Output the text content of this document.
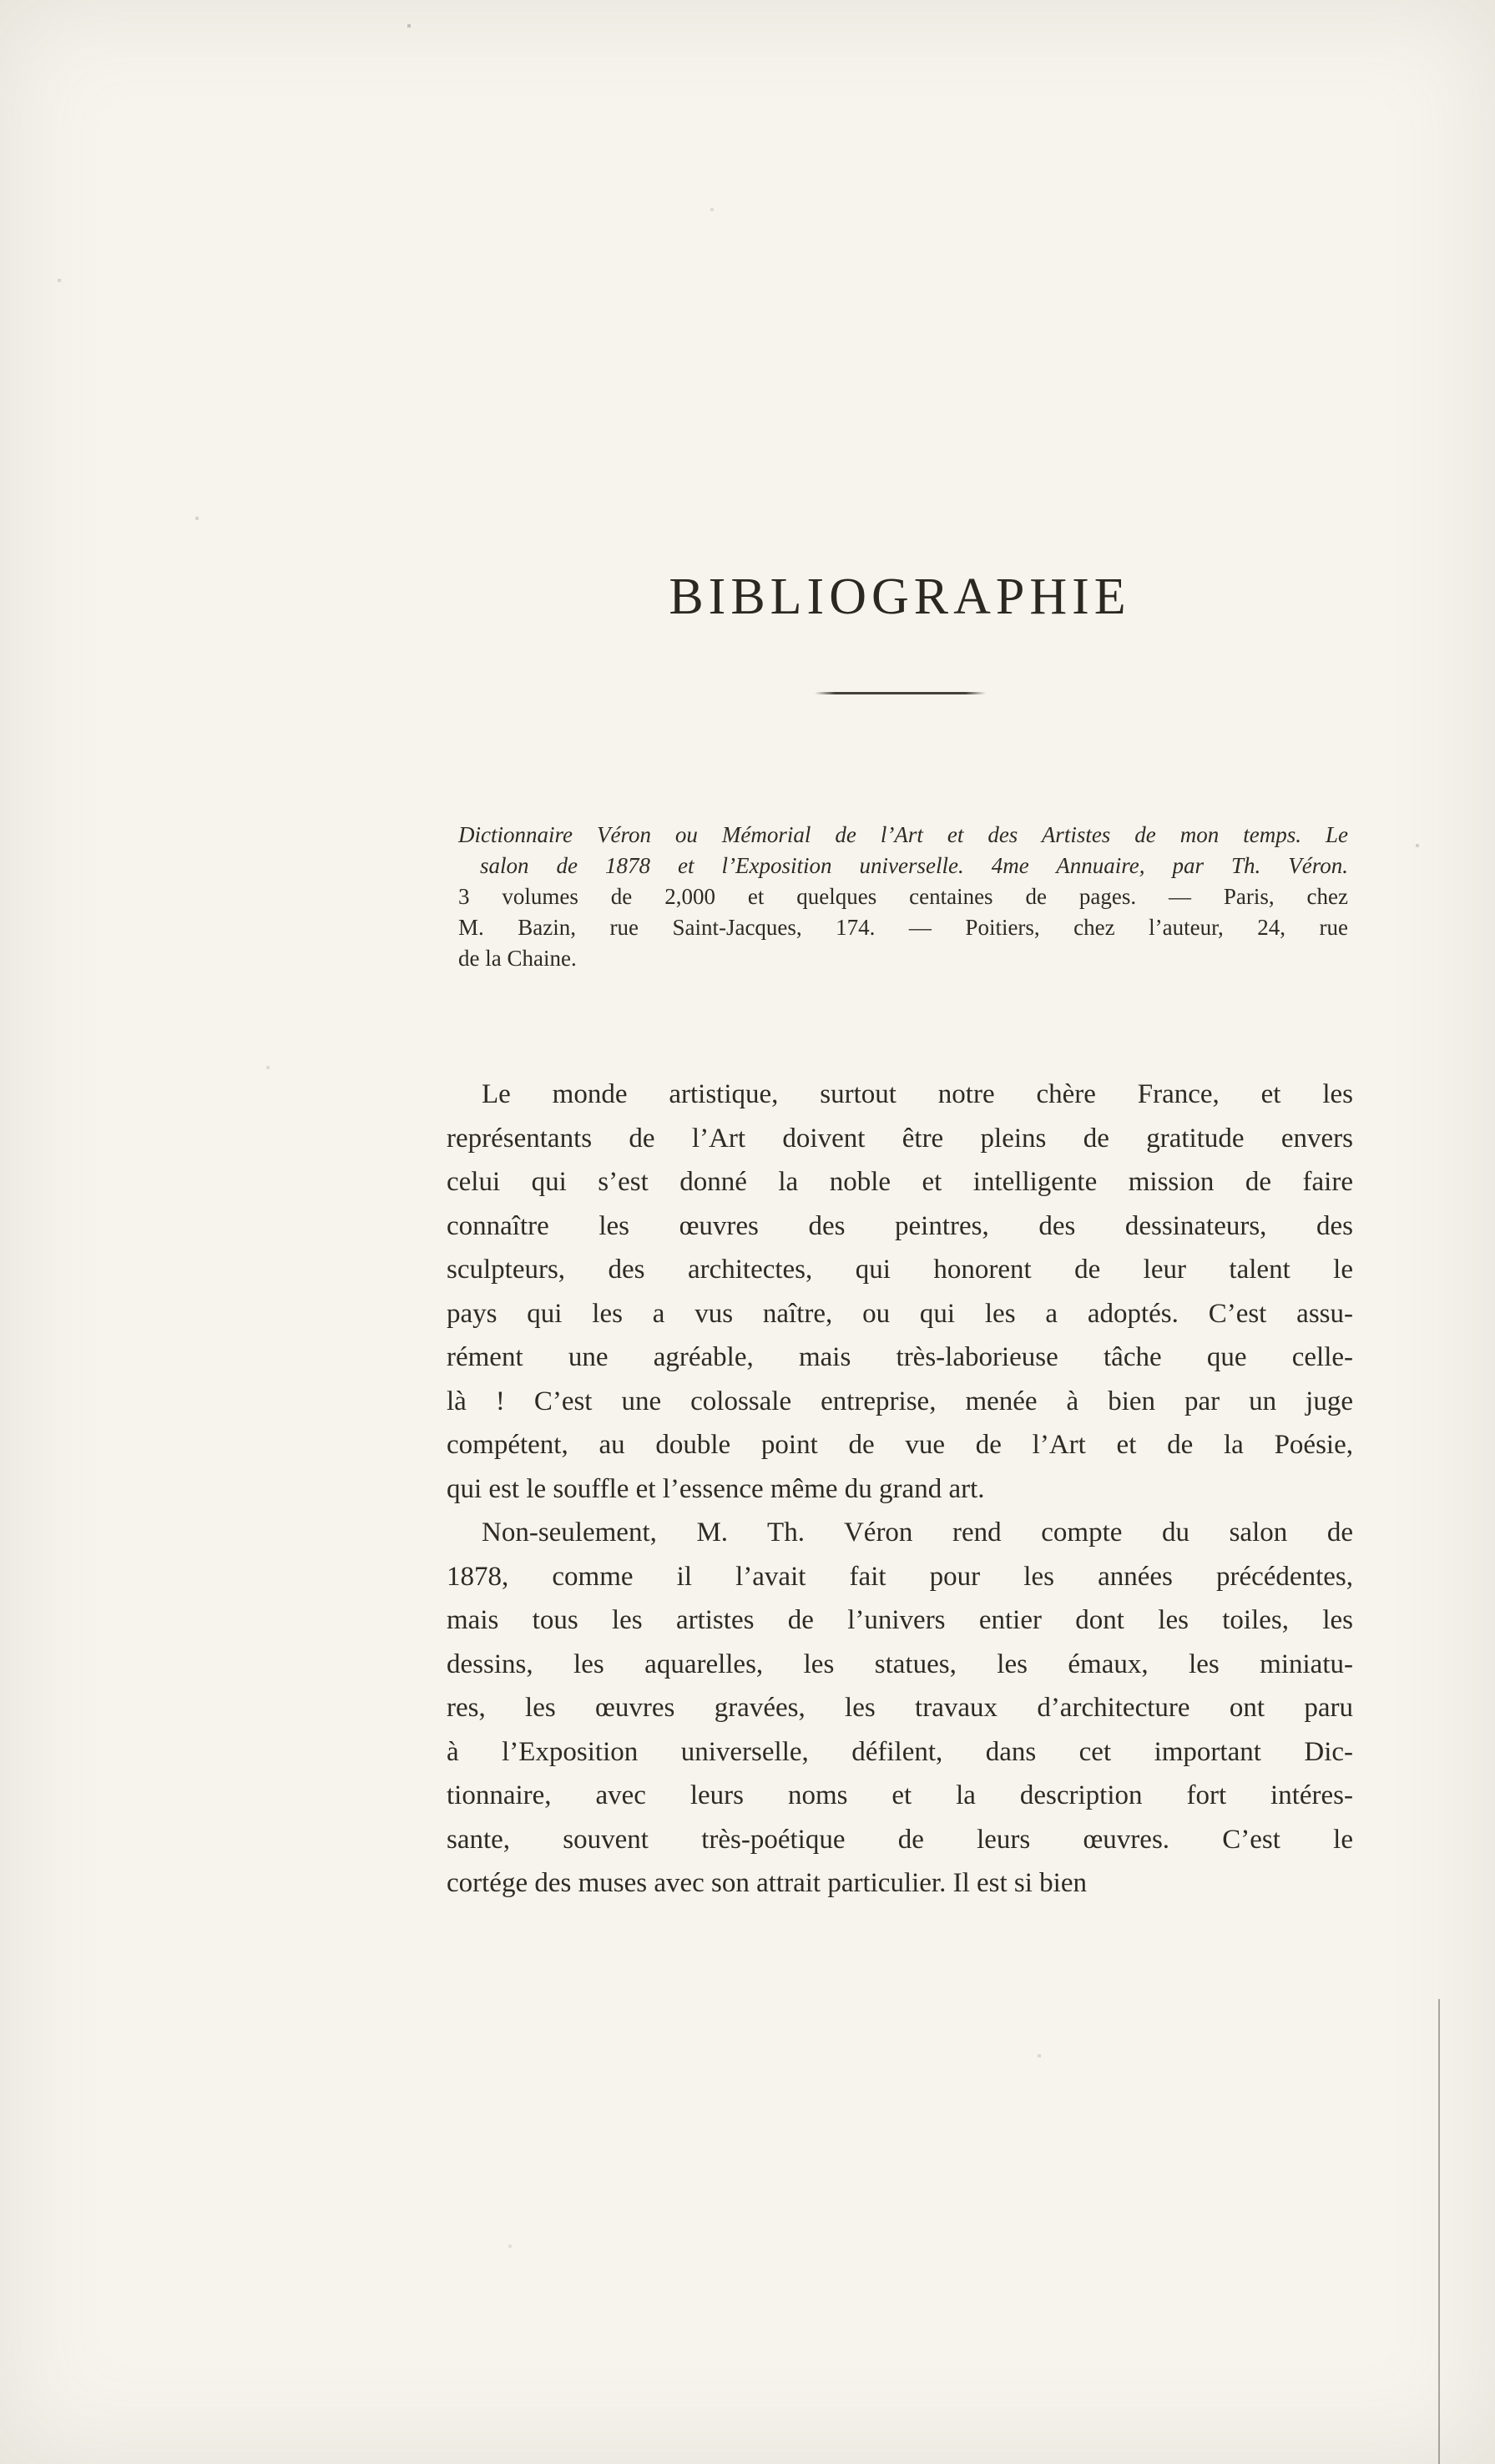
BIBLIOGRAPHIE
Dictionnaire Véron ou Mémorial de l’Art et des Artistes de mon temps. Le
salon de 1878 et l’Exposition universelle. 4me Annuaire, par Th. Véron.
3 volumes de 2,000 et quelques centaines de pages. — Paris, chez
M. Bazin, rue Saint-Jacques, 174. — Poitiers, chez l’auteur, 24, rue
de la Chaine.
Le monde artistique, surtout notre chère France, et les
représentants de l’Art doivent être pleins de gratitude envers
celui qui s’est donné la noble et intelligente mission de faire
connaître les œuvres des peintres, des dessinateurs, des
sculpteurs, des architectes, qui honorent de leur talent le
pays qui les a vus naître, ou qui les a adoptés. C’est assu-
rément une agréable, mais très-laborieuse tâche que celle-
là ! C’est une colossale entreprise, menée à bien par un juge
compétent, au double point de vue de l’Art et de la Poésie,
qui est le souffle et l’essence même du grand art.
Non-seulement, M. Th. Véron rend compte du salon de
1878, comme il l’avait fait pour les années précédentes,
mais tous les artistes de l’univers entier dont les toiles, les
dessins, les aquarelles, les statues, les émaux, les miniatu-
res, les œuvres gravées, les travaux d’architecture ont paru
à l’Exposition universelle, défilent, dans cet important Dic-
tionnaire, avec leurs noms et la description fort intéres-
sante, souvent très-poétique de leurs œuvres. C’est le
cortége des muses avec son attrait particulier. Il est si bien
